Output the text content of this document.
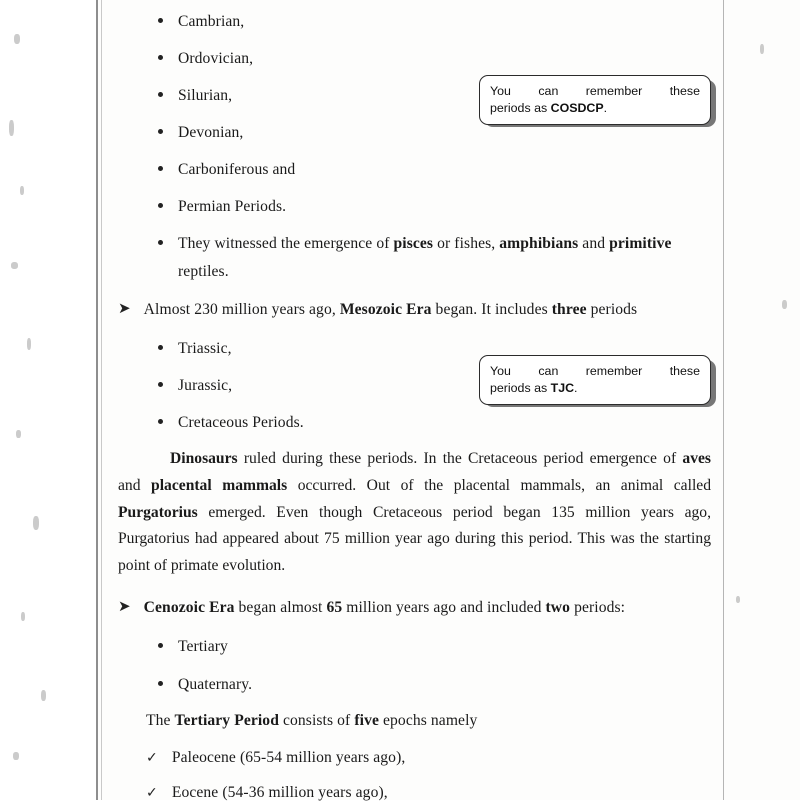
Cambrian,
Ordovician,
Silurian,
Devonian,
Carboniferous and
Permian Periods.
They witnessed the emergence of pisces or fishes, amphibians and primitive
reptiles.
You can remember these
periods as COSDCP.
➤ Almost 230 million years ago, Mesozoic Era began. It includes three periods
Triassic,
Jurassic,
Cretaceous Periods.
You can remember these
periods as TJC.
Dinosaurs ruled during these periods. In the Cretaceous period emergence of aves and placental mammals occurred. Out of the placental mammals, an animal called Purgatorius emerged. Even though Cretaceous period began 135 million years ago, Purgatorius had appeared about 75 million year ago during this period. This was the starting point of primate evolution.
➤ Cenozoic Era began almost 65 million years ago and included two periods:
Tertiary
Quaternary.
The Tertiary Period consists of five epochs namely
✓ Paleocene (65-54 million years ago),
✓ Eocene (54-36 million years ago),
